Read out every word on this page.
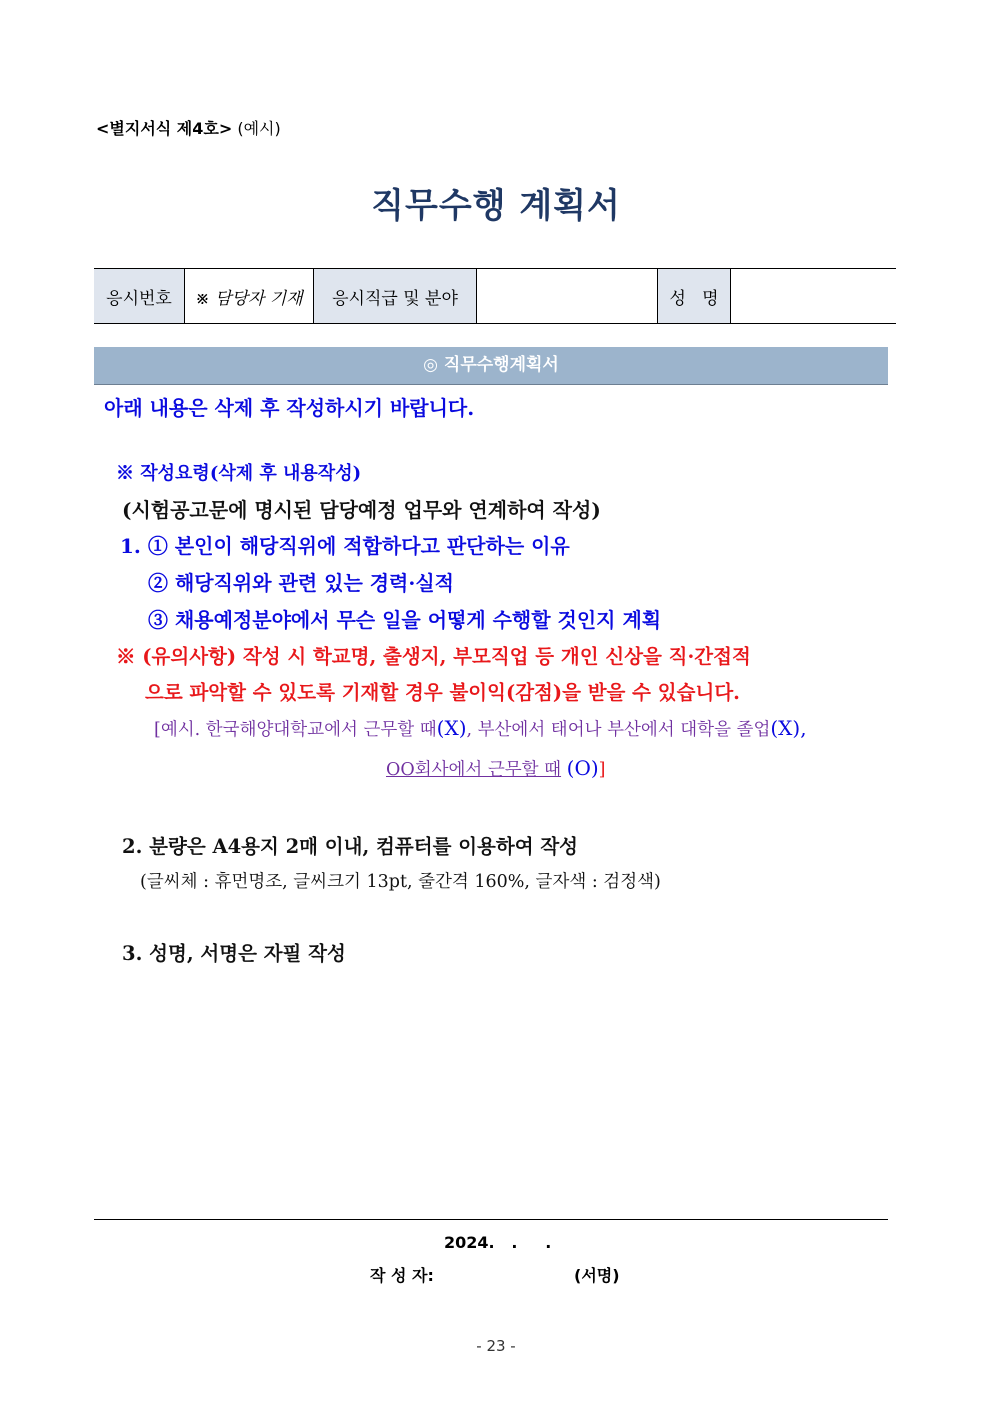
<별지서식 제4호> (예시)
직무수행 계획서
응시번호	※ 담당자 기재	응시직급 및 분야		성   명	
◎ 직무수행계획서
아래 내용은 삭제 후 작성하시기 바랍니다.
※ 작성요령(삭제 후 내용작성)
(시험공고문에 명시된 담당예정 업무와 연계하여 작성)
1. ① 본인이 해당직위에 적합하다고 판단하는 이유
② 해당직위와 관련 있는 경력·실적
③ 채용예정분야에서 무슨 일을 어떻게 수행할 것인지 계획
※ (유의사항) 작성 시 학교명, 출생지, 부모직업 등 개인 신상을 직·간접적
으로 파악할 수 있도록 기재할 경우 불이익(감점)을 받을 수 있습니다.
[예시. 한국해양대학교에서 근무할 때(X), 부산에서 태어나 부산에서 대학을 졸업(X),
OO회사에서 근무할 때 (O)]
2. 분량은 A4용지 2매 이내, 컴퓨터를 이용하여 작성
(글씨체 : 휴먼명조, 글씨크기 13pt, 줄간격 160%, 글자색 : 검정색)
3. 성명, 서명은 자필 작성
2024.   .     .
작 성 자:	(서명)
- 23 -
